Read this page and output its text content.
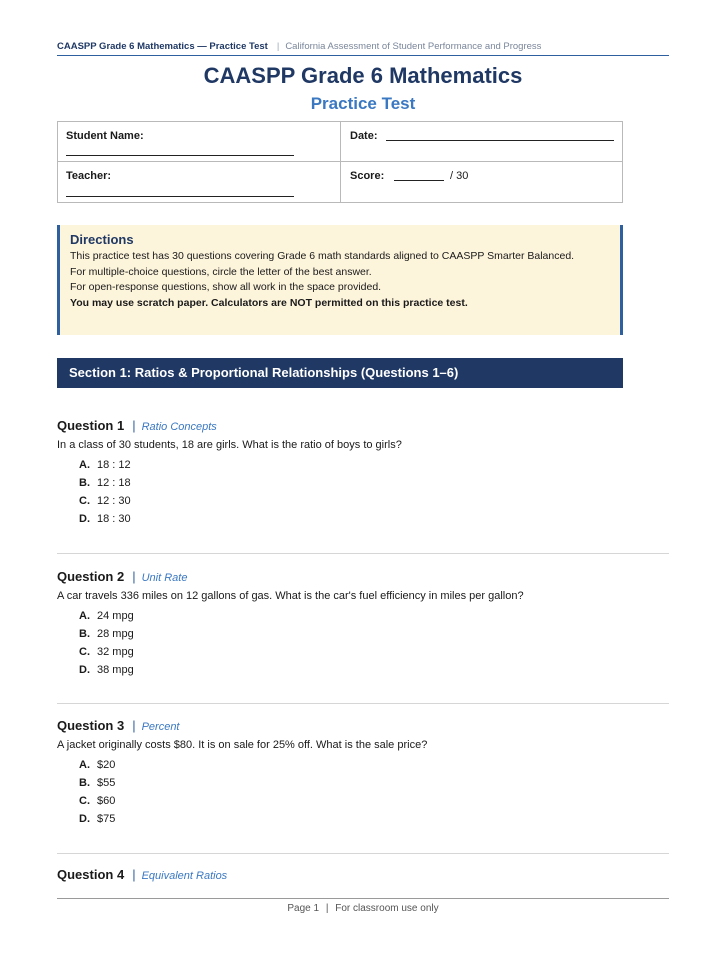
CAASPP Grade 6 Mathematics — Practice Test | California Assessment of Student Performance and Progress
CAASPP Grade 6 Mathematics
Practice Test
Student Name:	Date:
Teacher:	Score:	/ 30
Directions
This practice test has 30 questions covering Grade 6 math standards aligned to CAASPP Smarter Balanced.
For multiple-choice questions, circle the letter of the best answer.
For open-response questions, show all work in the space provided.
You may use scratch paper. Calculators are NOT permitted on this practice test.
Section 1: Ratios & Proportional Relationships (Questions 1–6)
Question 1 | Ratio Concepts
In a class of 30 students, 18 are girls. What is the ratio of boys to girls?
A. 18 : 12
B. 12 : 18
C. 12 : 30
D. 18 : 30
Question 2 | Unit Rate
A car travels 336 miles on 12 gallons of gas. What is the car's fuel efficiency in miles per gallon?
A. 24 mpg
B. 28 mpg
C. 32 mpg
D. 38 mpg
Question 3 | Percent
A jacket originally costs $80. It is on sale for 25% off. What is the sale price?
A. $20
B. $55
C. $60
D. $75
Question 4 | Equivalent Ratios
Page 1 | For classroom use only
